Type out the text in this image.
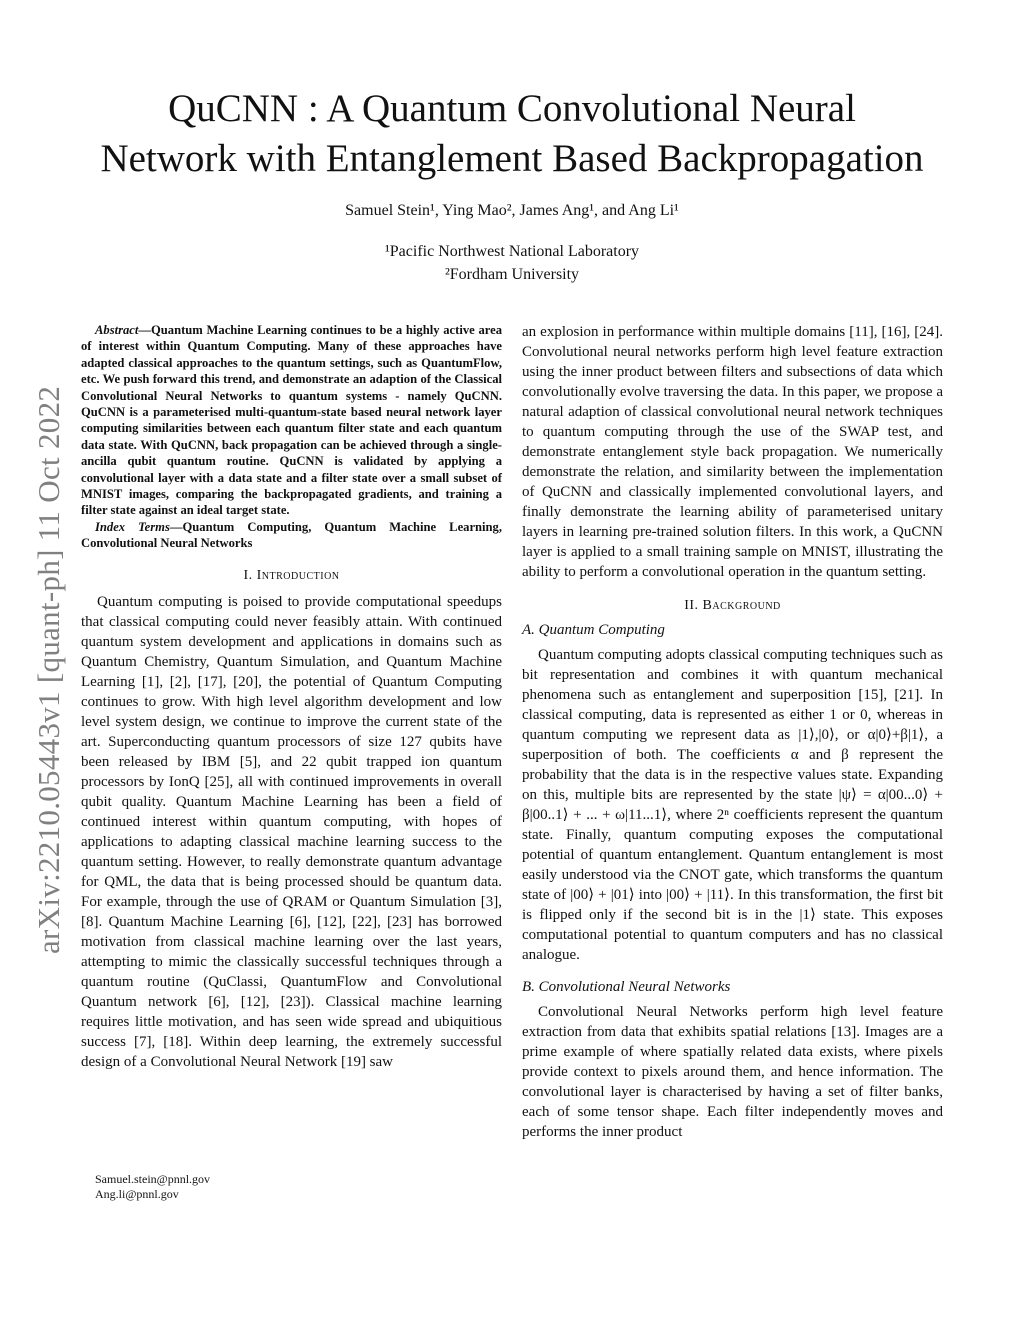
arXiv:2210.05443v1 [quant-ph] 11 Oct 2022
QuCNN : A Quantum Convolutional Neural
Network with Entanglement Based Backpropagation
Samuel Stein¹, Ying Mao², James Ang¹, and Ang Li¹
¹Pacific Northwest National Laboratory
²Fordham University

Abstract—Quantum Machine Learning continues to be a highly active area of interest within Quantum Computing. Many of these approaches have adapted classical approaches to the quantum settings, such as QuantumFlow, etc. We push forward this trend, and demonstrate an adaption of the Classical Convolutional Neural Networks to quantum systems - namely QuCNN. QuCNN is a parameterised multi-quantum-state based neural network layer computing similarities between each quantum filter state and each quantum data state. With QuCNN, back propagation can be achieved through a single-ancilla qubit quantum routine. QuCNN is validated by applying a convolutional layer with a data state and a filter state over a small subset of MNIST images, comparing the backpropagated gradients, and training a filter state against an ideal target state.

Index Terms—Quantum Computing, Quantum Machine Learning, Convolutional Neural Networks

I. Introduction

Quantum computing is poised to provide computational speedups that classical computing could never feasibly attain. With continued quantum system development and applications in domains such as Quantum Chemistry, Quantum Simulation, and Quantum Machine Learning [1], [2], [17], [20], the potential of Quantum Computing continues to grow. With high level algorithm development and low level system design, we continue to improve the current state of the art. Superconducting quantum processors of size 127 qubits have been released by IBM [5], and 22 qubit trapped ion quantum processors by IonQ [25], all with continued improvements in overall qubit quality. Quantum Machine Learning has been a field of continued interest within quantum computing, with hopes of applications to adapting classical machine learning success to the quantum setting. However, to really demonstrate quantum advantage for QML, the data that is being processed should be quantum data. For example, through the use of QRAM or Quantum Simulation [3], [8]. Quantum Machine Learning [6], [12], [22], [23] has borrowed motivation from classical machine learning over the last years, attempting to mimic the classically successful techniques through a quantum routine (QuClassi, QuantumFlow and Convolutional Quantum network [6], [12], [23]). Classical machine learning requires little motivation, and has seen wide spread and ubiquitious success [7], [18]. Within deep learning, the extremely successful design of a Convolutional Neural Network [19] saw

Samuel.stein@pnnl.gov
Ang.li@pnnl.gov

an explosion in performance within multiple domains [11], [16], [24]. Convolutional neural networks perform high level feature extraction using the inner product between filters and subsections of data which convolutionally evolve traversing the data. In this paper, we propose a natural adaption of classical convolutional neural network techniques to quantum computing through the use of the SWAP test, and demonstrate entanglement style back propagation. We numerically demonstrate the relation, and similarity between the implementation of QuCNN and classically implemented convolutional layers, and finally demonstrate the learning ability of parameterised unitary layers in learning pre-trained solution filters. In this work, a QuCNN layer is applied to a small training sample on MNIST, illustrating the ability to perform a convolutional operation in the quantum setting.

II. Background
A. Quantum Computing

Quantum computing adopts classical computing techniques such as bit representation and combines it with quantum mechanical phenomena such as entanglement and superposition [15], [21]. In classical computing, data is represented as either 1 or 0, whereas in quantum computing we represent data as |1⟩,|0⟩, or α|0⟩+β|1⟩, a superposition of both. The coefficients α and β represent the probability that the data is in the respective values state. Expanding on this, multiple bits are represented by the state |ψ⟩ = α|00...0⟩ + β|00..1⟩ + ... + ω|11...1⟩, where 2ⁿ coefficients represent the quantum state. Finally, quantum computing exposes the computational potential of quantum entanglement. Quantum entanglement is most easily understood via the CNOT gate, which transforms the quantum state of |00⟩ + |01⟩ into |00⟩ + |11⟩. In this transformation, the first bit is flipped only if the second bit is in the |1⟩ state. This exposes computational potential to quantum computers and has no classical analogue.

B. Convolutional Neural Networks

Convolutional Neural Networks perform high level feature extraction from data that exhibits spatial relations [13]. Images are a prime example of where spatially related data exists, where pixels provide context to pixels around them, and hence information. The convolutional layer is characterised by having a set of filter banks, each of some tensor shape. Each filter independently moves and performs the inner product
